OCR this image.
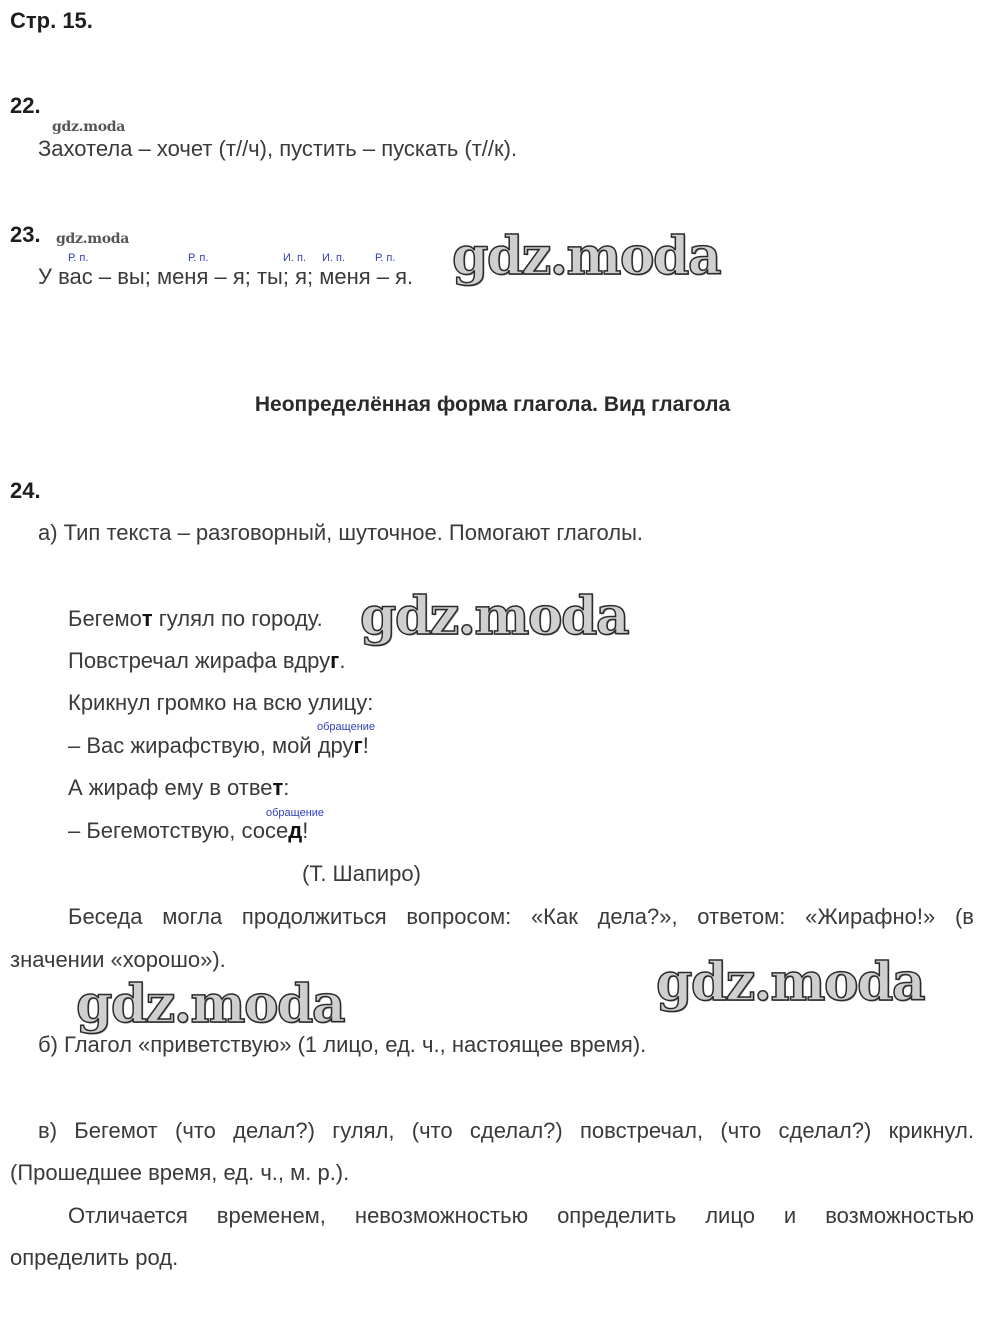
Стр. 15.
22.
gdz.moda
Захотела – хочет (т//ч), пустить – пускать (т//к).
23. gdz.moda
Р. п.	Р. п.	Р. п.
И. п. И. п.
У вас – вы; меня – я; ты; я; меня – я. gdz.moda
Неопределённая форма глагола. Вид глагола
24.
а) Тип текста – разговорный, шуточное. Помогают глаголы.
Бегемот гулял по городу. gdz.moda
Повстречал жирафа вдруг.
Крикнул громко на всю улицу:
обращение
– Вас жирафствую, мой друг!
А жираф ему в ответ:
обращение
– Бегемотствую, сосед!
(Т. Шапиро)
Беседа могла продолжиться вопросом: «Как дела?», ответом: «Жирафно!» (в
значении «хорошо»).	gdz.moda
gdz.moda
б) Глагол «приветствую» (1 лицо, ед. ч., настоящее время).
в) Бегемот (что делал?) гулял, (что сделал?) повстречал, (что сделал?) крикнул.
(Прошедшее время, ед. ч., м. р.).
Отличается временем, невозможностью определить лицо и возможностью
определить род.
